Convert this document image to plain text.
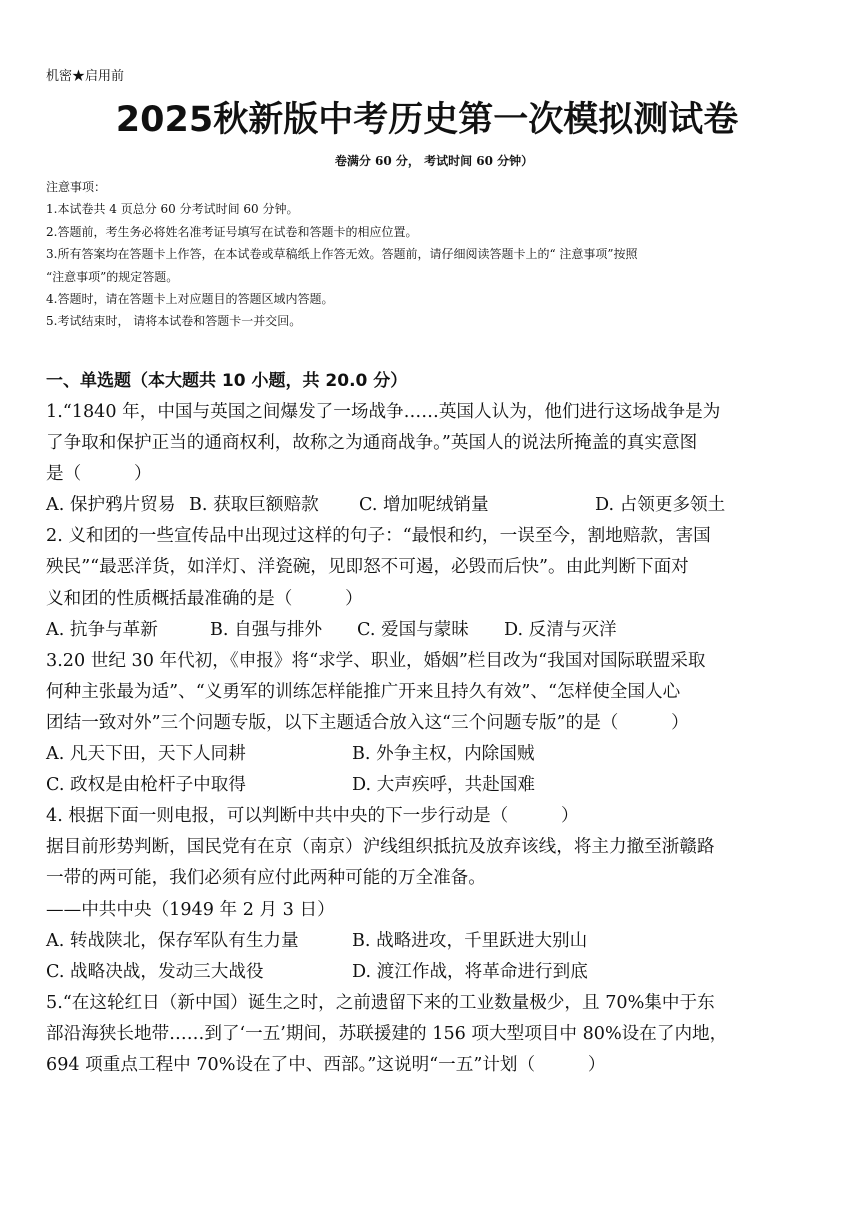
机密★启用前
2025秋新版中考历史第一次模拟测试卷
卷满分 60 分， 考试时间 60 分钟）
注意事项：
1.本试卷共 4 页总分 60 分考试时间 60 分钟。
2.答题前，考生务必将姓名准考证号填写在试卷和答题卡的相应位置。
3.所有答案均在答题卡上作答，在本试卷或草稿纸上作答无效。答题前，请仔细阅读答题卡上的“ 注意事项”按照
“注意事项”的规定答题。
4.答题时，请在答题卡上对应题目的答题区域内答题。
5.考试结束时， 请将本试卷和答题卡一并交回。
一、单选题（本大题共 10 小题，共 20.0 分）
1.“1840 年，中国与英国之间爆发了一场战争……英国人认为，他们进行这场战争是为
了争取和保护正当的通商权利，故称之为通商战争。”英国人的说法所掩盖的真实意图
是（　　　）
A. 保护鸦片贸易 B. 获取巨额赔款	C. 增加呢绒销量	D. 占领更多领土
2. 义和团的一些宣传品中出现过这样的句子：“最恨和约，一误至今，割地赔款，害国
殃民”“最恶洋货，如洋灯、洋瓷碗，见即怒不可遏，必毁而后快”。由此判断下面对
义和团的性质概括最准确的是（　　　）
A. 抗争与革新	B. 自强与排外	C. 爱国与蒙昧	D. 反清与灭洋
3.20 世纪 30 年代初，《申报》将“求学、职业，婚姻”栏目改为“我国对国际联盟采取
何种主张最为适”、“义勇军的训练怎样能推广开来且持久有效”、“怎样使全国人心
团结一致对外”三个问题专版，以下主题适合放入这“三个问题专版”的是（　　　）
A. 凡天下田，天下人同耕	B. 外争主权，内除国贼
C. 政权是由枪杆子中取得	D. 大声疾呼，共赴国难
4. 根据下面一则电报，可以判断中共中央的下一步行动是（　　　）
据目前形势判断，国民党有在京（南京）沪线组织抵抗及放弃该线，将主力撤至浙赣路
一带的两可能，我们必须有应付此两种可能的万全准备。
——中共中央（1949 年 2 月 3 日）
A. 转战陕北，保存军队有生力量	B. 战略进攻，千里跃进大别山
C. 战略决战，发动三大战役	D. 渡江作战，将革命进行到底
5.“在这轮红日（新中国）诞生之时，之前遗留下来的工业数量极少，且 70%集中于东
部沿海狭长地带……到了‘一五’期间，苏联援建的 156 项大型项目中 80%设在了内地，
694 项重点工程中 70%设在了中、西部。”这说明“一五”计划（　　　）
